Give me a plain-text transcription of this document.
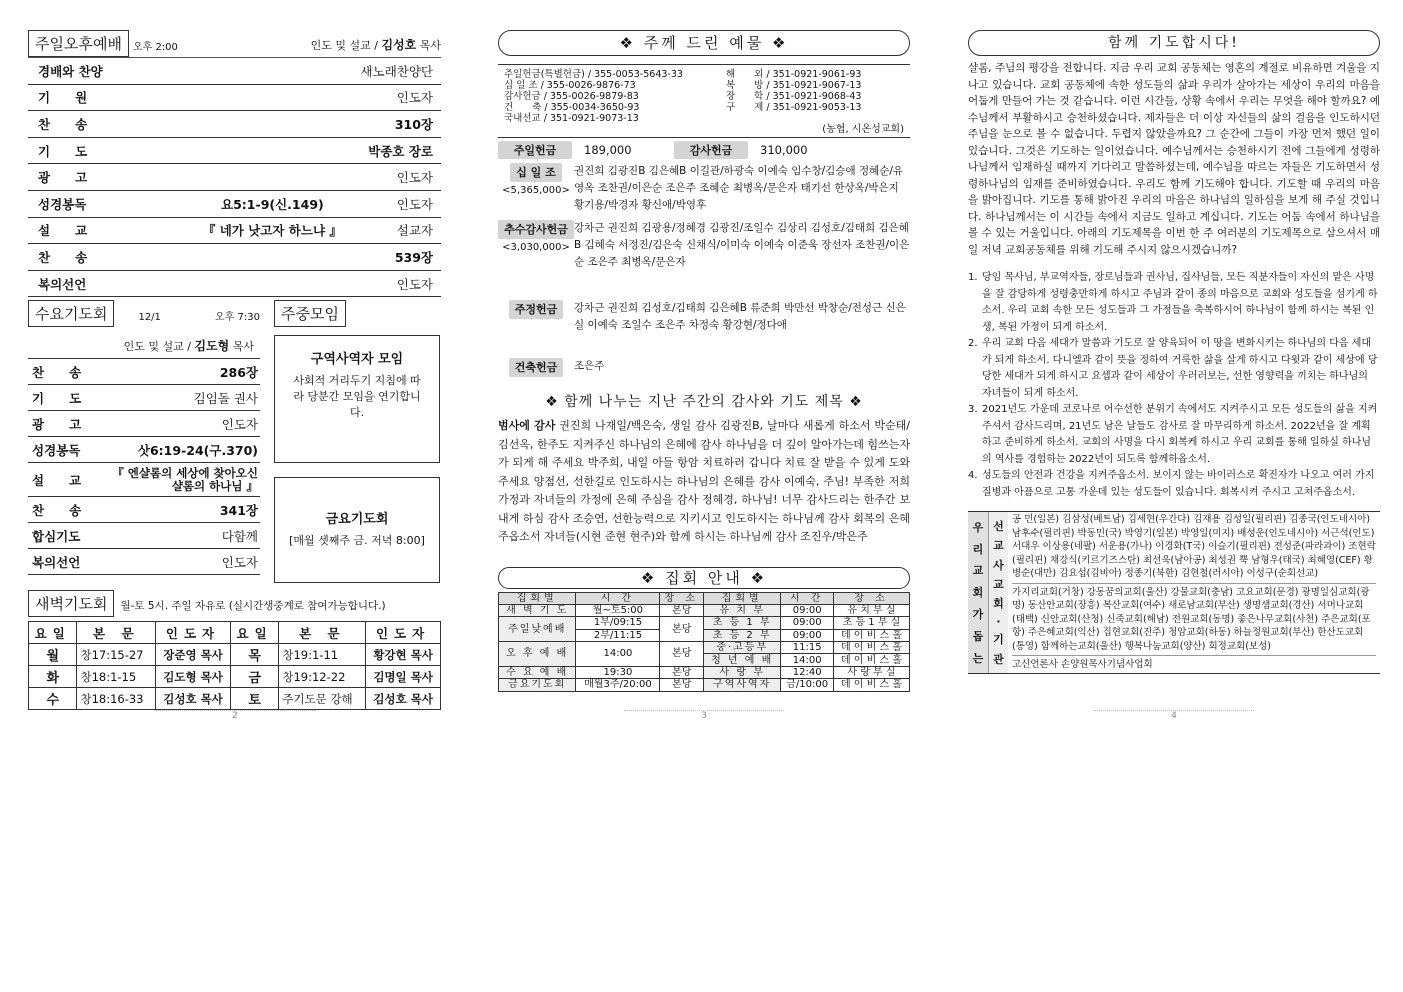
주일오후예배	오후 2:00	인도 및 설교 / 김성호 목사
경배와 찬양	새노래찬양단
기　　원	인도자
찬　　송	310장
기　　도	박종호 장로
광　　고	인도자
성경봉독	요5:1-9(신.149)	인도자
설　　교	『 네가 낫고자 하느냐 』	설교자
찬　　송	539장
복의선언	인도자
수요기도회	12/1	오후 7:30
인도 및 설교 / 김도형 목사
찬　　송	286장
기　　도	김임돌 권사
광　　고	인도자
성경봉독	삿6:19-24(구.370)
설　　교	『 엔샬롬의 세상에 찾아오신 샬롬의 하나님 』
찬　　송	341장
합심기도	다함께
복의선언	인도자
주중모임
구역사역자 모임
사회적 거리두기 지침에 따라 당분간 모임을 연기합니다.
금요기도회
[매월 셋째주 금. 저녁 8:00]
새벽기도회	월-토 5시. 주일 자유로 (실시간생중계로 참여가능합니다.)
요일	본 문	인도자	요일	본 문	인도자
월	창17:15-27	장준영 목사	목	창19:1-11	황강현 목사
화	창18:1-15	김도형 목사	금	창19:12-22	김명일 목사
수	창18:16-33	김성호 목사	토	주기도문 강해	김성호 목사
2
❖ 주께 드린 예물 ❖
주일헌금(특별헌금) / 355-0053-5643-33
십 일 조 / 355-0026-9876-73
감사헌금 / 355-0026-9879-83
건　　축 / 355-0034-3650-93
국내선교 / 351-0921-9073-13
해　　외 / 351-0921-9061-93
복　　방 / 351-0921-9067-13
장　　학 / 351-0921-9068-43
구　　제 / 351-0921-9053-13
(농협, 시온성교회)
주일헌금	189,000	감사헌금	310,000
십 일 조
<5,365,000>
권진희 김광진B 김은혜B 이길관/하광숙 이예숙 임수창/김승애 정혜순/유영옥 조찬권/이은순 조은주 조혜순 최병옥/문은자 태기선 한상옥/박은지 황기용/박경자 황신애/박영후
추수감사헌금
<3,030,000>
강차근 권진희 김광용/정혜경 김광진/조일수 김상리 김성호/김태희 김은혜B 김혜숙 서정진/김은숙 신채식/이미숙 이예숙 이준욱 장선자 조찬권/이은순 조은주 최병옥/문은자
주정헌금	강차근 권진희 김성호/김태희 김은혜B 류준희 박만선 박창순/전성근 신은실 이예숙 조일수 조은주 차정숙 황강현/정다애
건축헌금	조은주
❖ 함께 나누는 지난 주간의 감사와 기도 제목 ❖
범사에 감사 권진희 나재일/백은숙, 생일 감사 김광진B, 날마다 새롭게 하소서 박순태/김선옥, 한주도 지켜주신 하나님의 은혜에 감사 하나님을 더 깊이 알아가는데 힘쓰는자가 되게 해 주세요 박주희, 내일 아들 항암 치료하러 갑니다 치료 잘 받을 수 있게 도와주세요 양점선, 선한길로 인도하시는 하나님의 은혜를 감사 이예숙, 주님! 부족한 저희 가정과 자녀들의 가정에 은혜 주심을 감사 정혜경, 하나님! 너무 감사드리는 한주간 보내게 하심 감사 조승연, 선한능력으로 지키시고 인도하시는 하나님께 감사 회복의 은혜 주옵소서 자녀들(시현 준현 현주)와 함께 하시는 하나님께 감사 조진우/박은주
❖ 집회 안내 ❖
집회별	시 간	장 소	집회별	시 간	장 소
새 벽 기 도	월~토5:00	본당	유 치 부	09:00	유 치 부 실
주일낮예배	1부/09:15	본당	초 등 1 부	09:00	초 등 1 부 실
	2부/11:15		초 등 2 부	09:00	데 이 비 스 홀
오 후 예 배	14:00	본당	중·고등부	11:15	데 이 비 스 홀
			청 년 예 배	14:00	데 이 비 스 홀
수 요 예 배	19:30	본당	사 랑 부	12:40	사 랑 부 실
금요기도회	매월3주/20:00	본당	구역사역자	금/10:00	데 이 비 스 홀
3
함께 기도합시다!
샬롬, 주님의 평강을 전합니다. 지금 우리 교회 공동체는 영혼의 계절로 비유하면 겨울을 지나고 있습니다. 교회 공동체에 속한 성도들의 삶과 우리가 살아가는 세상이 우리의 마음을 어둡게 만들어 가는 것 같습니다. 이런 시간들, 상황 속에서 우리는 무엇을 해야 할까요? 예수님께서 부활하시고 승천하셨습니다. 제자들은 더 이상 자신들의 삶의 걸음을 인도하시던 주님을 눈으로 볼 수 없습니다. 두렵지 않았을까요? 그 순간에 그들이 가장 먼저 했던 일이 있습니다. 그것은 기도하는 일이었습니다. 예수님께서는 승천하시기 전에 그들에게 성령하나님께서 임재하실 때까지 기다리고 말씀하셨는데, 예수님을 따르는 자들은 기도하면서 성령하나님의 임재를 준비하였습니다. 우리도 함께 기도해야 합니다. 기도할 때 우리의 마음을 밝아집니다. 기도를 통해 밝아진 우리의 마음은 하나님의 일하심을 보게 해 주실 것입니다. 하나님께서는 이 시간들 속에서 지금도 일하고 계십니다. 기도는 어둠 속에서 하나님을 볼 수 있는 거울입니다. 아래의 기도제목을 이번 한 주 여러분의 기도제목으로 삼으셔서 매일 저녁 교회공동체를 위해 기도해 주시지 않으시겠습니까?
1. 당임 목사님, 부교역자들, 장로님들과 권사님, 집사님들, 모든 직분자들이 자신의 맡은 사명을 잘 감당하게 성령충만하게 하시고 주님과 같이 종의 마음으로 교회와 성도들을 섬기게 하소서. 우리 교회 속한 모든 성도들과 그 가정들을 축복하시어 하나님이 함께 하시는 복된 인생, 복된 가정이 되게 하소서.
2. 우리 교회 다음 세대가 말씀과 기도로 잘 양육되어 이 땅을 변화시키는 하나님의 다음 세대가 되게 하소서. 다니엘과 같이 뜻을 정하여 거룩한 삶을 살게 하시고 다윗과 같이 세상에 당당한 세대가 되게 하시고 요셉과 같이 세상이 우러러보는, 선한 영향력을 끼치는 하나님의 자녀들이 되게 하소서.
3. 2021년도 가운데 코로나로 어수선한 분위기 속에서도 지켜주시고 모든 성도들의 삶을 지켜주셔서 감사드리며, 21년도 남은 날들도 감사로 잘 마무리하게 하소서. 2022년을 잘 계획하고 준비하게 하소서. 교회의 사명을 다시 회복케 하시고 우리 교회를 통해 일하실 하나님의 역사를 경험하는 2022년이 되도록 함께하옵소서.
4. 성도들의 안전과 건강을 지켜주옵소서. 보이지 않는 바이러스로 확진자가 나오고 여러 가지 질병과 아픔으로 고통 가운데 있는 성도들이 있습니다. 회복시켜 주시고 고쳐주옵소서.
우
리
교
회
가
돕
는
선
교
사
교
회
·
기
관
공 민(일본) 김삼성(베트남) 김세현(우간다) 김재용 김성일(필리핀) 김종국(인도네시아) 남후수(필리핀) 박동민(국) 박영기(일본) 박영일(미지) 배성운(인도네시아) 서근석(인도) 서대우 이상용(네팔) 서운용(가나) 이경화(T국) 이슬기(필리핀) 전성준(파라과이) 조현락(필리핀) 채강식(키르기즈스탄) 최선욱(남아공) 최성권 뿍 남형우(태국) 최혜영(CEF) 황병순(대만) 김요섭(김비아) 정종기(북한) 김현철(러시아) 이성구(순회선교)
가지리교회(거창) 강동꿈의교회(울산) 강물교회(충남) 고요교회(문경) 광명일심교회(광명) 동산안교회(장흥) 복산교회(여수) 새로남교회(부산) 생명샘교회(경산) 서머나교회(태백) 신안교회(산청) 신죽교회(해남) 전원교회(동명) 좋은나무교회(사천) 주은교회(포항) 주은혜교회(익산) 집현교회(진주) 청암교회(하동) 하늘정원교회(부산) 한산도교회(통영) 함께하는교회(울산) 행복나눔교회(양산) 회정교회(보성)
고신언론사 손양원목사기념사업회
4
